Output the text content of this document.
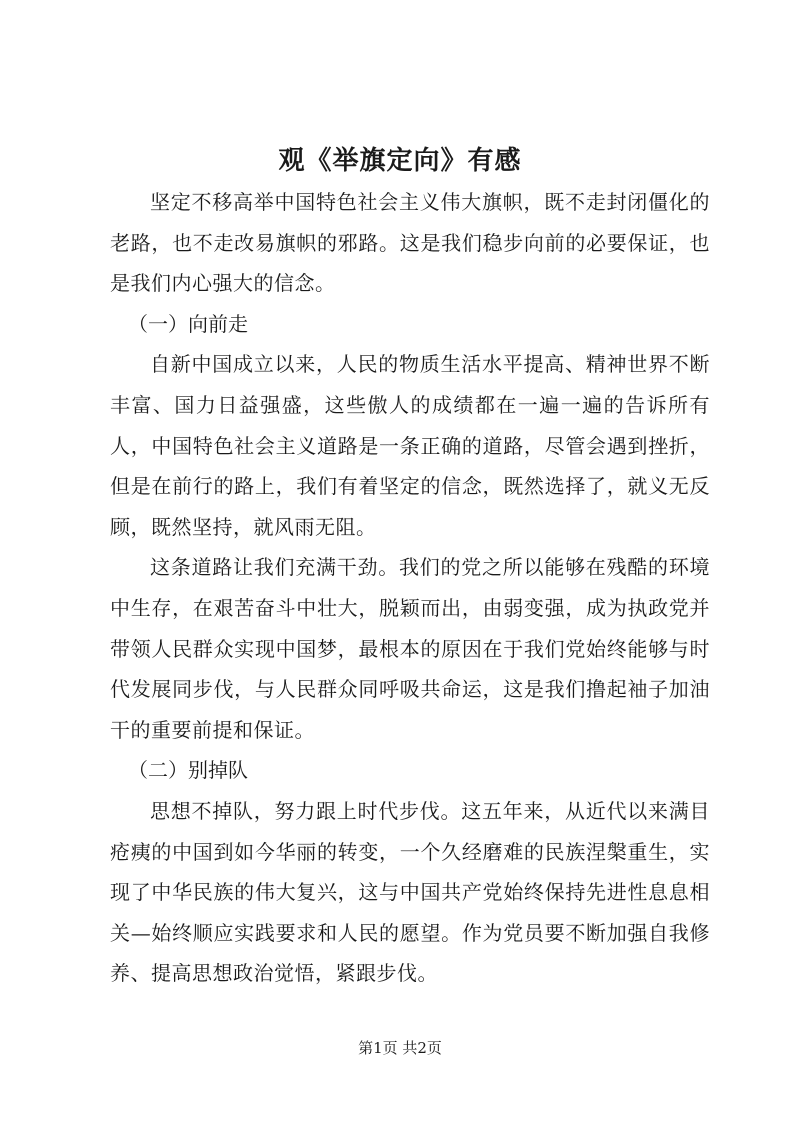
观《举旗定向》有感

坚定不移高举中国特色社会主义伟大旗帜，既不走封闭僵化的老路，也不走改易旗帜的邪路。这是我们稳步向前的必要保证，也是我们内心强大的信念。

（一）向前走

自新中国成立以来，人民的物质生活水平提高、精神世界不断丰富、国力日益强盛，这些傲人的成绩都在一遍一遍的告诉所有人，中国特色社会主义道路是一条正确的道路，尽管会遇到挫折，但是在前行的路上，我们有着坚定的信念，既然选择了，就义无反顾，既然坚持，就风雨无阻。

这条道路让我们充满干劲。我们的党之所以能够在残酷的环境中生存，在艰苦奋斗中壮大，脱颖而出，由弱变强，成为执政党并带领人民群众实现中国梦，最根本的原因在于我们党始终能够与时代发展同步伐，与人民群众同呼吸共命运，这是我们撸起袖子加油干的重要前提和保证。

（二）别掉队

思想不掉队，努力跟上时代步伐。这五年来，从近代以来满目疮痍的中国到如今华丽的转变，一个久经磨难的民族涅槃重生，实现了中华民族的伟大复兴，这与中国共产党始终保持先进性息息相关—始终顺应实践要求和人民的愿望。作为党员要不断加强自我修养、提高思想政治觉悟，紧跟步伐。

第1页 共2页
